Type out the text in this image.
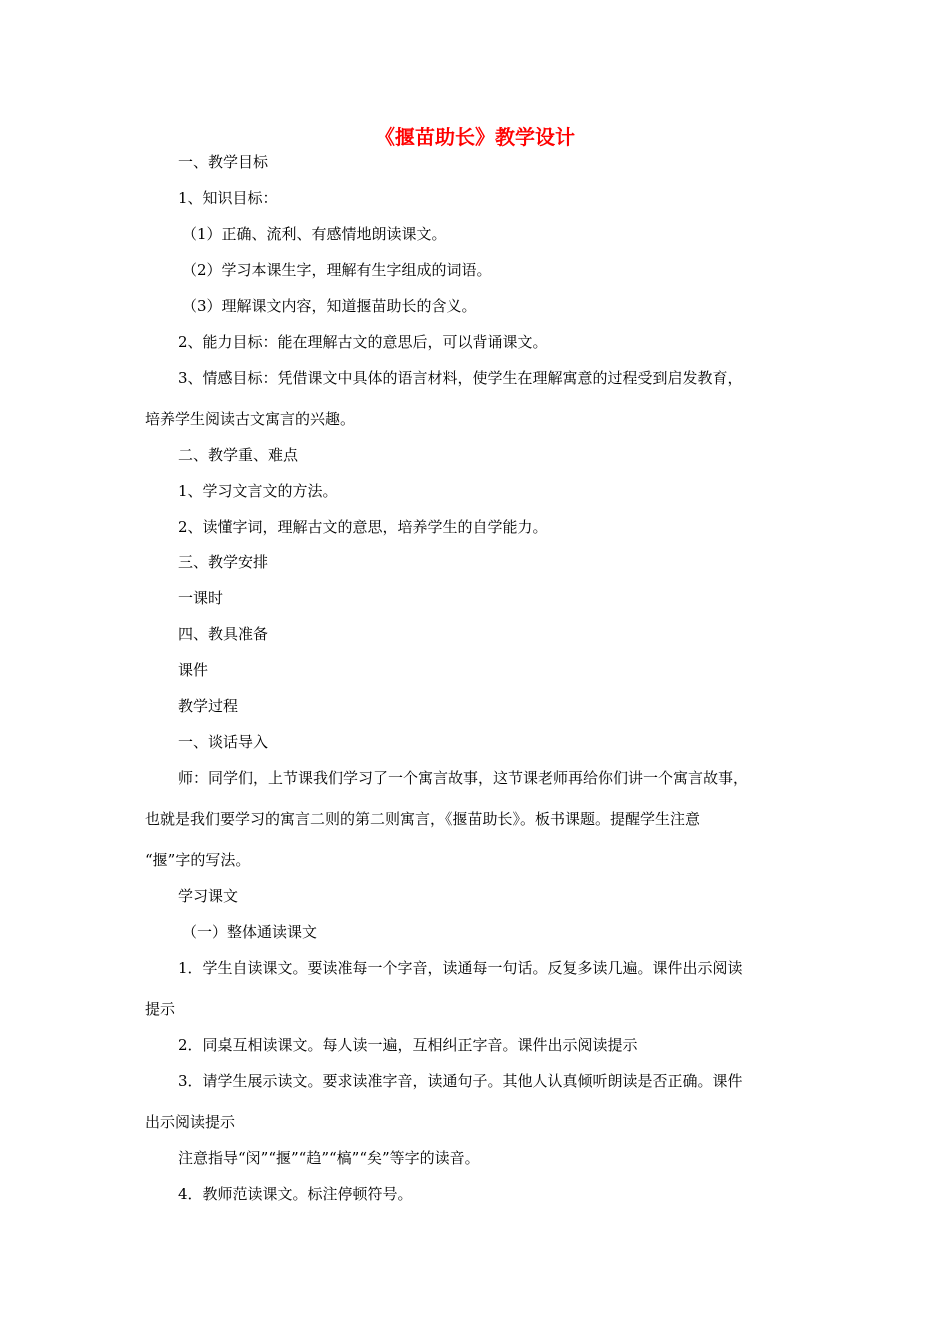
《揠苗助长》教学设计
一、教学目标
1、知识目标：
（1）正确、流利、有感情地朗读课文。
（2）学习本课生字，理解有生字组成的词语。
（3）理解课文内容，知道揠苗助长的含义。
2、能力目标：能在理解古文的意思后，可以背诵课文。
3、情感目标：凭借课文中具体的语言材料，使学生在理解寓意的过程受到启发教育，
培养学生阅读古文寓言的兴趣。
二、教学重、难点
1、学习文言文的方法。
2、读懂字词，理解古文的意思，培养学生的自学能力。
三、教学安排
一课时
四、教具准备
课件
教学过程
一、谈话导入
师：同学们，上节课我们学习了一个寓言故事，这节课老师再给你们讲一个寓言故事，
也就是我们要学习的寓言二则的第二则寓言，《揠苗助长》。板书课题。提醒学生注意
“揠”字的写法。
学习课文
（一）整体通读课文
1．学生自读课文。要读准每一个字音，读通每一句话。反复多读几遍。课件出示阅读
提示
2．同桌互相读课文。每人读一遍，互相纠正字音。课件出示阅读提示
3．请学生展示读文。要求读准字音，读通句子。其他人认真倾听朗读是否正确。课件
出示阅读提示
注意指导“闵”“揠”“趋”“槁”“矣”等字的读音。
4．教师范读课文。标注停顿符号。
